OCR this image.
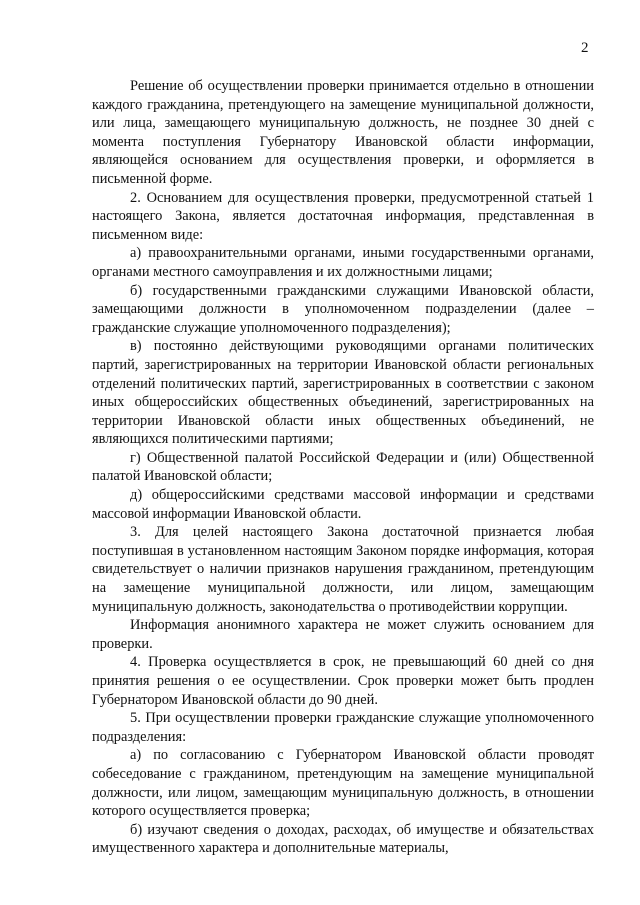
2

Решение об осуществлении проверки принимается отдельно в отношении каждого гражданина, претендующего на замещение муниципальной должности, или лица, замещающего муниципальную должность, не позднее 30 дней с момента поступления Губернатору Ивановской области информации, являющейся основанием для осуществления проверки, и оформляется в письменной форме.

2. Основанием для осуществления проверки, предусмотренной статьей 1 настоящего Закона, является достаточная информация, представленная в письменном виде:

а) правоохранительными органами, иными государственными органами, органами местного самоуправления и их должностными лицами;

б) государственными гражданскими служащими Ивановской области, замещающими должности в уполномоченном подразделении (далее – гражданские служащие уполномоченного подразделения);

в) постоянно действующими руководящими органами политических партий, зарегистрированных на территории Ивановской области региональных отделений политических партий, зарегистрированных в соответствии с законом иных общероссийских общественных объединений, зарегистрированных на территории Ивановской области иных общественных объединений, не являющихся политическими партиями;

г) Общественной палатой Российской Федерации и (или) Общественной палатой Ивановской области;

д) общероссийскими средствами массовой информации и средствами массовой информации Ивановской области.

3. Для целей настоящего Закона достаточной признается любая поступившая в установленном настоящим Законом порядке информация, которая свидетельствует о наличии признаков нарушения гражданином, претендующим на замещение муниципальной должности, или лицом, замещающим муниципальную должность, законодательства о противодействии коррупции.

Информация анонимного характера не может служить основанием для проверки.

4. Проверка осуществляется в срок, не превышающий 60 дней со дня принятия решения о ее осуществлении. Срок проверки может быть продлен Губернатором Ивановской области до 90 дней.

5. При осуществлении проверки гражданские служащие уполномоченного подразделения:

а) по согласованию с Губернатором Ивановской области проводят собеседование с гражданином, претендующим на замещение муниципальной должности, или лицом, замещающим муниципальную должность, в отношении которого осуществляется проверка;

б) изучают сведения о доходах, расходах, об имуществе и обязательствах имущественного характера и дополнительные материалы,
